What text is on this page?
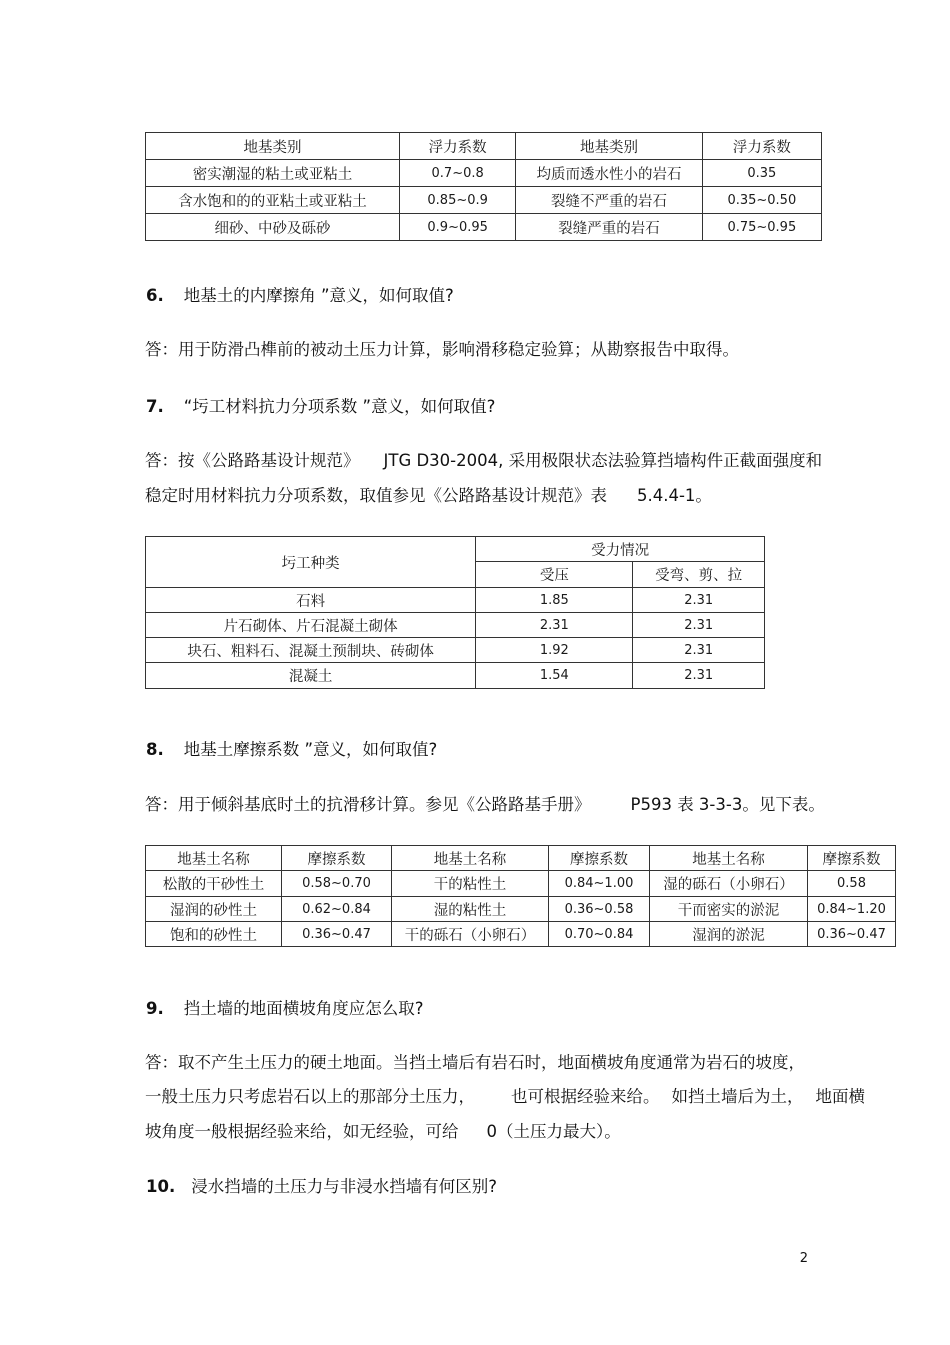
地基类别	浮力系数	地基类别	浮力系数
密实潮湿的粘土或亚粘土	0.7~0.8	均质而透水性小的岩石	0.35
含水饱和的的亚粘土或亚粘土	0.85~0.9	裂缝不严重的岩石	0.35~0.50
细砂、中砂及砾砂	0.9~0.95	裂缝严重的岩石	0.75~0.95
6. 地基土的内摩擦角 ”意义，如何取值?
答：用于防滑凸榫前的被动土压力计算，影响滑移稳定验算；从勘察报告中取得。
7. “圬工材料抗力分项系数 ”意义，如何取值?
答：按《公路路基设计规范》 JTG D30-2004, 采用极限状态法验算挡墙构件正截面强度和
稳定时用材料抗力分项系数，取值参见《公路路基设计规范》表 5.4.4-1。
圬工种类	受力情况	
	受压	受弯、剪、拉
石料	1.85	2.31
片石砌体、片石混凝土砌体	2.31	2.31
块石、粗料石、混凝土预制块、砖砌体	1.92	2.31
混凝土	1.54	2.31
8. 地基土摩擦系数 ”意义，如何取值?
答：用于倾斜基底时土的抗滑移计算。参见《公路路基手册》 P593 表 3-3-3。见下表。
地基土名称	摩擦系数	地基土名称	摩擦系数	地基土名称	摩擦系数
松散的干砂性土	0.58~0.70	干的粘性土	0.84~1.00	湿的砾石（小卵石）	0.58
湿润的砂性土	0.62~0.84	湿的粘性土	0.36~0.58	干而密实的淤泥	0.84~1.20
饱和的砂性土	0.36~0.47	干的砾石（小卵石）	0.70~0.84	湿润的淤泥	0.36~0.47
9. 挡土墙的地面横坡角度应怎么取?
答：取不产生土压力的硬土地面。当挡土墙后有岩石时，地面横坡角度通常为岩石的坡度，
一般土压力只考虑岩石以上的那部分土压力， 也可根据经验来给。 如挡土墙后为土， 地面横
坡角度一般根据经验来给，如无经验，可给 0（土压力最大）。
10. 浸水挡墙的土压力与非浸水挡墙有何区别?
2
